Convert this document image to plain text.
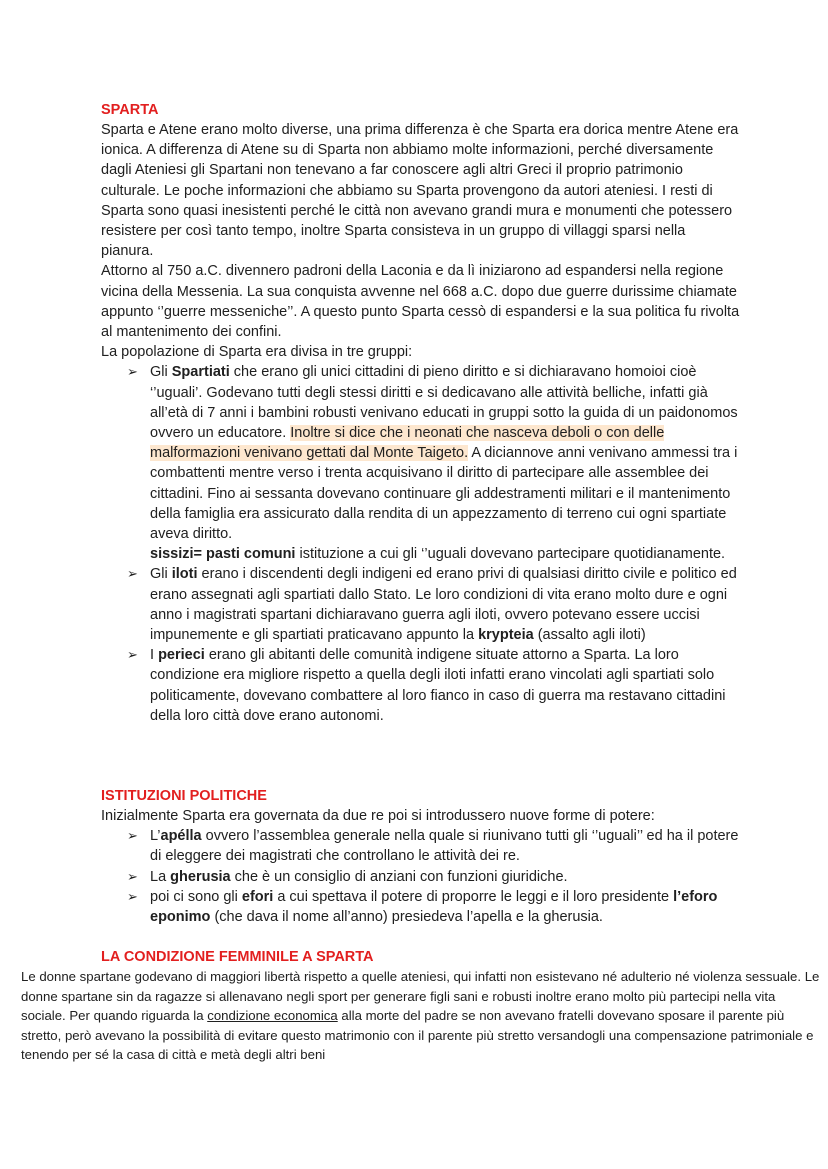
SPARTA

Sparta e Atene erano molto diverse, una prima differenza è che Sparta era dorica mentre Atene era ionica. A differenza di Atene su di Sparta non abbiamo molte informazioni, perché diversamente dagli Ateniesi gli Spartani non tenevano a far conoscere agli altri Greci il proprio patrimonio culturale. Le poche informazioni che abbiamo su Sparta provengono da autori ateniesi. I resti di Sparta sono quasi inesistenti perché le città non avevano grandi mura e monumenti che potessero resistere per così tanto tempo, inoltre Sparta consisteva in un gruppo di villaggi sparsi nella pianura.

Attorno al 750 a.C. divennero padroni della Laconia e da lì iniziarono ad espandersi nella regione vicina della Messenia. La sua conquista avvenne nel 668 a.C. dopo due guerre durissime chiamate appunto ‘’guerre messeniche’’. A questo punto Sparta cessò di espandersi e la sua politica fu rivolta al mantenimento dei confini.

La popolazione di Sparta era divisa in tre gruppi:

➢ Gli Spartiati che erano gli unici cittadini di pieno diritto e si dichiaravano homoioi cioè ‘’uguali’. Godevano tutti degli stessi diritti e si dedicavano alle attività belliche, infatti già all’età di 7 anni i bambini robusti venivano educati in gruppi sotto la guida di un paidonomos ovvero un educatore. Inoltre si dice che i neonati che nasceva deboli o con delle malformazioni venivano gettati dal Monte Taigeto. A diciannove anni venivano ammessi tra i combattenti mentre verso i trenta acquisivano il diritto di partecipare alle assemblee dei cittadini. Fino ai sessanta dovevano continuare gli addestramenti militari e il mantenimento della famiglia era assicurato dalla rendita di un appezzamento di terreno cui ogni spartiate aveva diritto.
sissizi= pasti comuni istituzione a cui gli ‘’uguali dovevano partecipare quotidianamente.
➢ Gli iloti erano i discendenti degli indigeni ed erano privi di qualsiasi diritto civile e politico ed erano assegnati agli spartiati dallo Stato. Le loro condizioni di vita erano molto dure e ogni anno i magistrati spartani dichiaravano guerra agli iloti, ovvero potevano essere uccisi impunemente e gli spartiati praticavano appunto la krypteia (assalto agli iloti)
➢ I perieci erano gli abitanti delle comunità indigene situate attorno a Sparta. La loro condizione era migliore rispetto a quella degli iloti infatti erano vincolati agli spartiati solo politicamente, dovevano combattere al loro fianco in caso di guerra ma restavano cittadini della loro città dove erano autonomi.
ISTITUZIONI POLITICHE

Inizialmente Sparta era governata da due re poi si introdussero nuove forme di potere:

➢ L’apélla ovvero l’assemblea generale nella quale si riunivano tutti gli ‘’uguali’’ ed ha il potere di eleggere dei magistrati che controllano le attività dei re.
➢ La gherusia che è un consiglio di anziani con funzioni giuridiche.
➢ poi ci sono gli efori a cui spettava il potere di proporre le leggi e il loro presidente l’eforo eponimo (che dava il nome all’anno) presiedeva l’apella e la gherusia.
LA CONDIZIONE FEMMINILE A SPARTA

Le donne spartane godevano di maggiori libertà rispetto a quelle ateniesi, qui infatti non esistevano né adulterio né violenza sessuale. Le donne spartane sin da ragazze si allenavano negli sport per generare figli sani e robusti inoltre erano molto più partecipi nella vita sociale. Per quando riguarda la condizione economica alla morte del padre se non avevano fratelli dovevano sposare il parente più stretto, però avevano la possibilità di evitare questo matrimonio con il parente più stretto versandogli una compensazione patrimoniale e tenendo per sé la casa di città e metà degli altri beni
